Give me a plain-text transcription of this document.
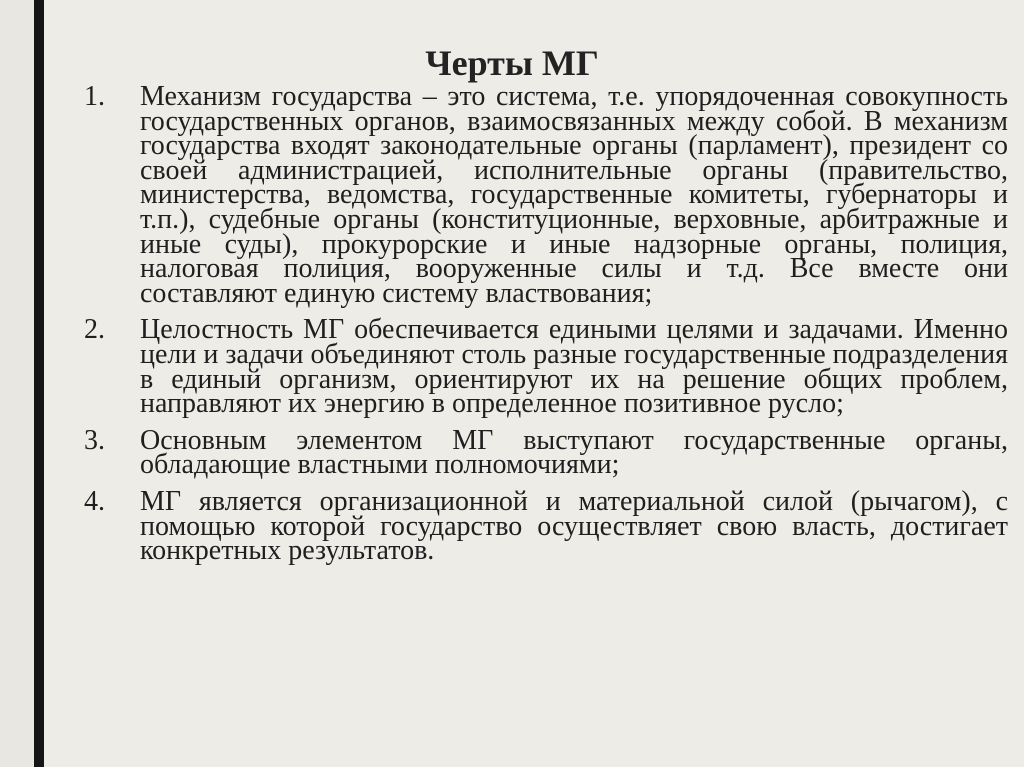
Черты МГ
1.	Механизм государства – это система, т.е. упорядоченная совокупность государственных органов, взаимосвязанных между собой. В механизм государства входят законодательные органы (парламент), президент со своей администрацией, исполнительные органы (правительство, министерства, ведомства, государственные комитеты, губернаторы и т.п.), судебные органы (конституционные, верховные, арбитражные и иные суды), прокурорские и иные надзорные органы, полиция, налоговая полиция, вооруженные силы и т.д. Все вместе они составляют единую систему властвования;
2.	Целостность МГ обеспечивается едиными целями и задачами. Именно цели и задачи объединяют столь разные государственные подразделения в единый организм, ориентируют их на решение общих проблем, направляют их энергию в определенное позитивное русло;
3.	Основным элементом МГ выступают государственные органы, обладающие властными полномочиями;
4.	МГ является организационной и материальной силой (рычагом), с помощью которой государство осуществляет свою власть, достигает конкретных результатов.
